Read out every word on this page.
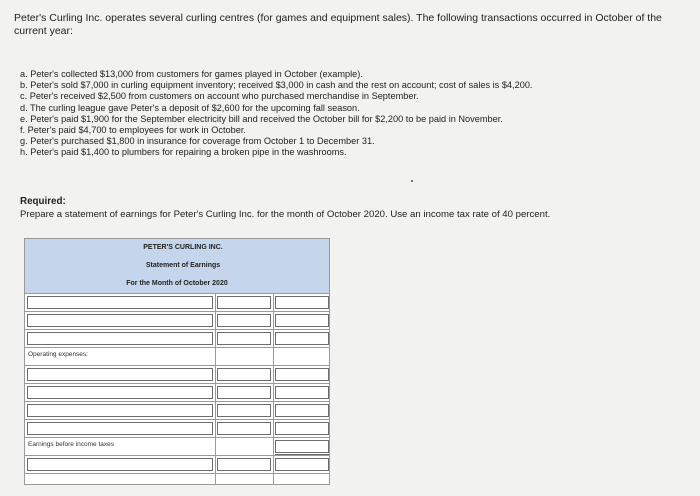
Peter's Curling Inc. operates several curling centres (for games and equipment sales). The following transactions occurred in October of the current year:
a. Peter's collected $13,000 from customers for games played in October (example).
b. Peter's sold $7,000 in curling equipment inventory; received $3,000 in cash and the rest on account; cost of sales is $4,200.
c. Peter's received $2,500 from customers on account who purchased merchandise in September.
d. The curling league gave Peter's a deposit of $2,600 for the upcoming fall season.
e. Peter's paid $1,900 for the September electricity bill and received the October bill for $2,200 to be paid in November.
f. Peter's paid $4,700 to employees for work in October.
g. Peter's purchased $1,800 in insurance for coverage from October 1 to December 31.
h. Peter's paid $1,400 to plumbers for repairing a broken pipe in the washrooms.
Required:
Prepare a statement of earnings for Peter's Curling Inc. for the month of October 2020. Use an income tax rate of 40 percent.
PETER'S CURLING INC.
Statement of Earnings
For the Month of October 2020
Operating expenses:
Earnings before income taxes
